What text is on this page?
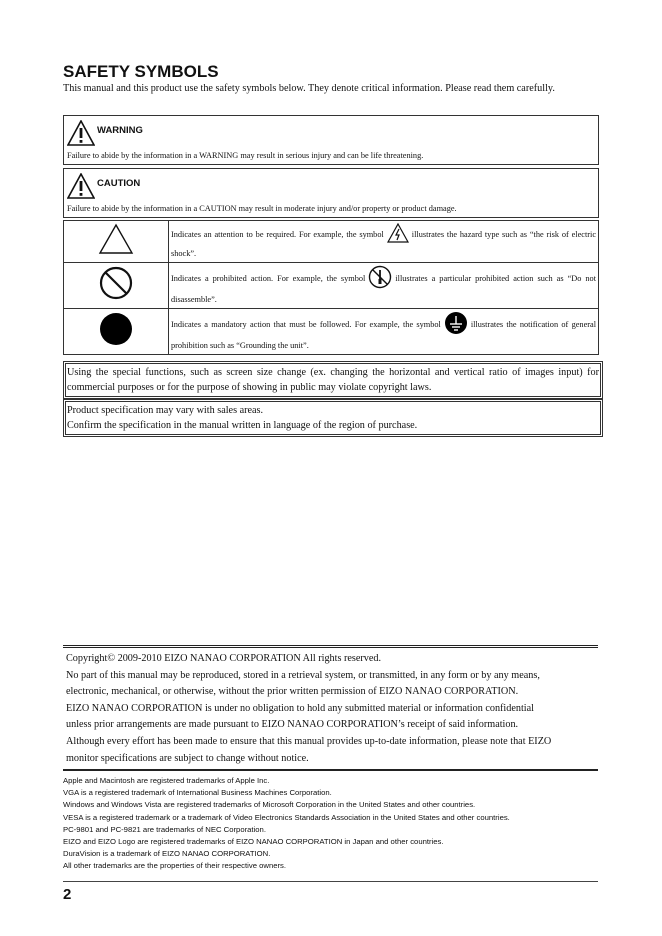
SAFETY SYMBOLS
This manual and this product use the safety symbols below. They denote critical information. Please read them carefully.
WARNING
Failure to abide by the information in a WARNING may result in serious injury and can be life threatening.
CAUTION
Failure to abide by the information in a CAUTION may result in moderate injury and/or property or product damage.
	Indicates an attention to be required. For example, the symbol illustrates the hazard type such as “the risk of electric shock”.
	Indicates a prohibited action. For example, the symbol illustrates a particular prohibited action such as “Do not disassemble”.
	Indicates a mandatory action that must be followed. For example, the symbol illustrates the notification of general prohibition such as “Grounding the unit”.
Using the special functions, such as screen size change (ex. changing the horizontal and vertical ratio of images input) for commercial purposes or for the purpose of showing in public may violate copyright laws.
Product specification may vary with sales areas.
Confirm the specification in the manual written in language of the region of purchase.
Copyright© 2009-2010 EIZO NANAO CORPORATION All rights reserved.
No part of this manual may be reproduced, stored in a retrieval system, or transmitted, in any form or by any means,
electronic, mechanical, or otherwise, without the prior written permission of EIZO NANAO CORPORATION.
EIZO NANAO CORPORATION is under no obligation to hold any submitted material or information confidential
unless prior arrangements are made pursuant to EIZO NANAO CORPORATION’s receipt of said information.
Although every effort has been made to ensure that this manual provides up-to-date information, please note that EIZO
monitor specifications are subject to change without notice.
Apple and Macintosh are registered trademarks of Apple Inc.
VGA is a registered trademark of International Business Machines Corporation.
Windows and Windows Vista are registered trademarks of Microsoft Corporation in the United States and other countries.
VESA is a registered trademark or a trademark of Video Electronics Standards Association in the United States and other countries.
PC-9801 and PC-9821 are trademarks of NEC Corporation.
EIZO and EIZO Logo are registered trademarks of EIZO NANAO CORPORATION in Japan and other countries.
DuraVision is a trademark of EIZO NANAO CORPORATION.
All other trademarks are the properties of their respective owners.
2
